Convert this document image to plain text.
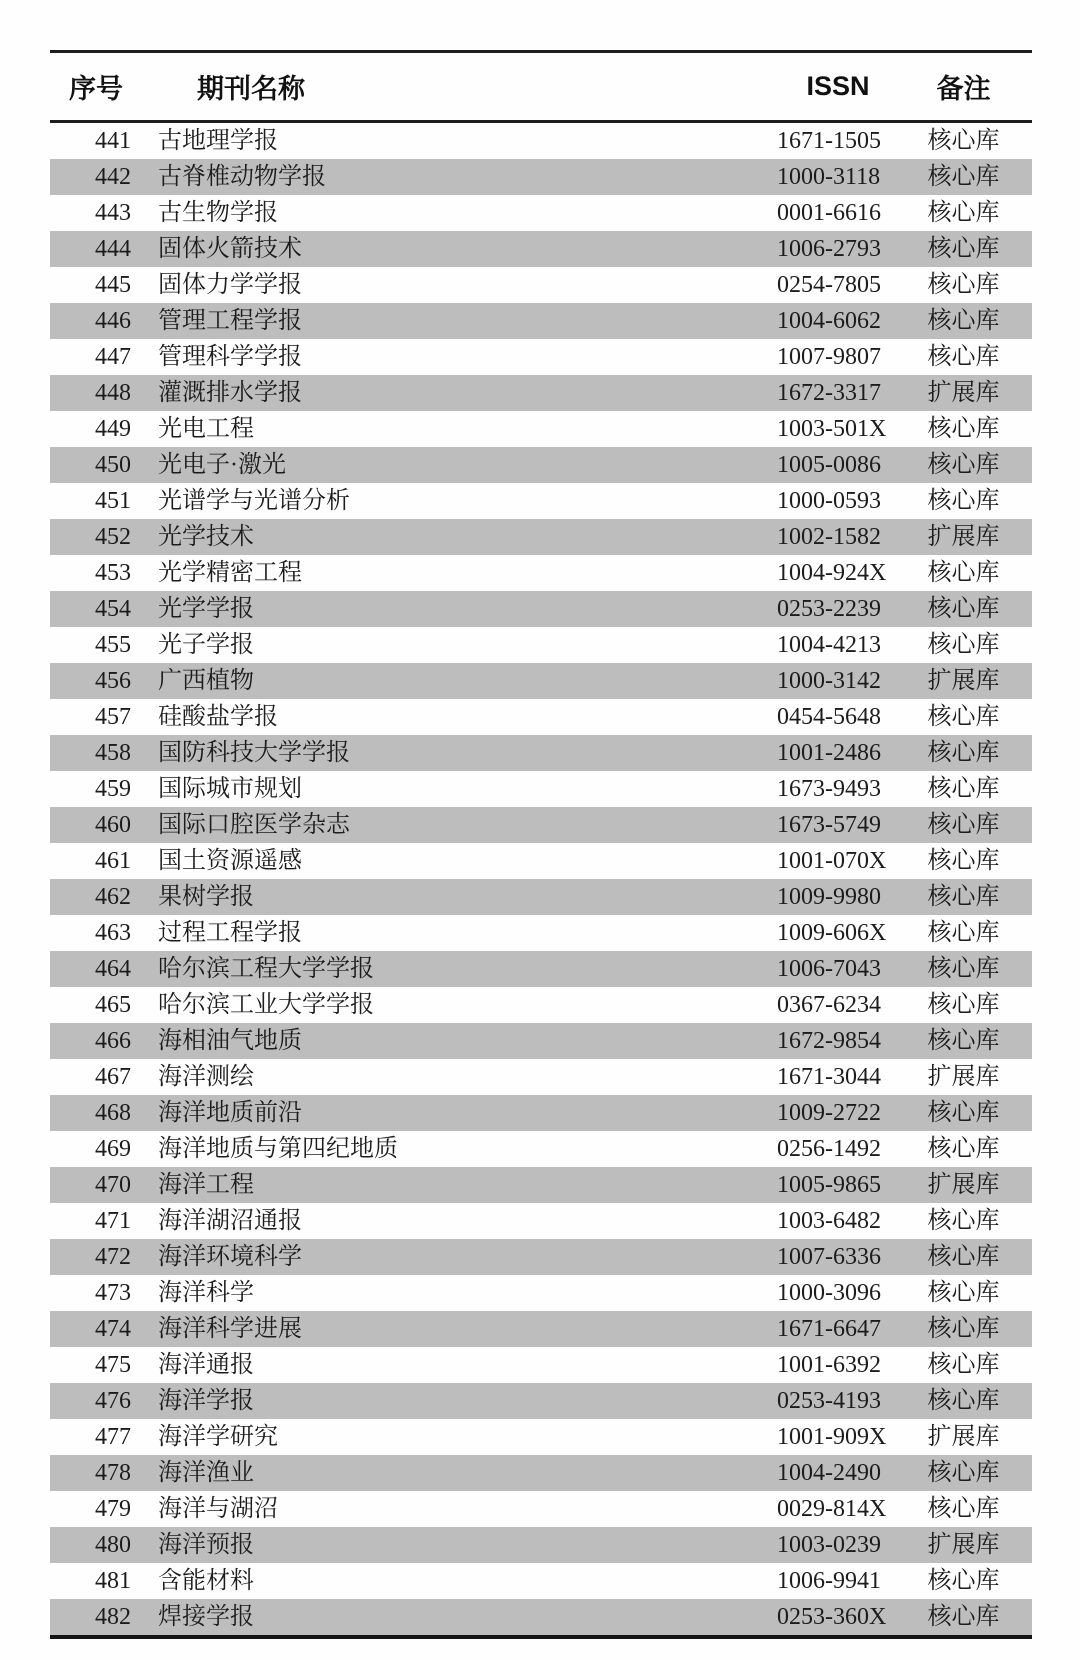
序号	期刊名称	ISSN	备注
441	古地理学报	1671-1505	核心库
442	古脊椎动物学报	1000-3118	核心库
443	古生物学报	0001-6616	核心库
444	固体火箭技术	1006-2793	核心库
445	固体力学学报	0254-7805	核心库
446	管理工程学报	1004-6062	核心库
447	管理科学学报	1007-9807	核心库
448	灌溉排水学报	1672-3317	扩展库
449	光电工程	1003-501X	核心库
450	光电子·激光	1005-0086	核心库
451	光谱学与光谱分析	1000-0593	核心库
452	光学技术	1002-1582	扩展库
453	光学精密工程	1004-924X	核心库
454	光学学报	0253-2239	核心库
455	光子学报	1004-4213	核心库
456	广西植物	1000-3142	扩展库
457	硅酸盐学报	0454-5648	核心库
458	国防科技大学学报	1001-2486	核心库
459	国际城市规划	1673-9493	核心库
460	国际口腔医学杂志	1673-5749	核心库
461	国土资源遥感	1001-070X	核心库
462	果树学报	1009-9980	核心库
463	过程工程学报	1009-606X	核心库
464	哈尔滨工程大学学报	1006-7043	核心库
465	哈尔滨工业大学学报	0367-6234	核心库
466	海相油气地质	1672-9854	核心库
467	海洋测绘	1671-3044	扩展库
468	海洋地质前沿	1009-2722	核心库
469	海洋地质与第四纪地质	0256-1492	核心库
470	海洋工程	1005-9865	扩展库
471	海洋湖沼通报	1003-6482	核心库
472	海洋环境科学	1007-6336	核心库
473	海洋科学	1000-3096	核心库
474	海洋科学进展	1671-6647	核心库
475	海洋通报	1001-6392	核心库
476	海洋学报	0253-4193	核心库
477	海洋学研究	1001-909X	扩展库
478	海洋渔业	1004-2490	核心库
479	海洋与湖沼	0029-814X	核心库
480	海洋预报	1003-0239	扩展库
481	含能材料	1006-9941	核心库
482	焊接学报	0253-360X	核心库
